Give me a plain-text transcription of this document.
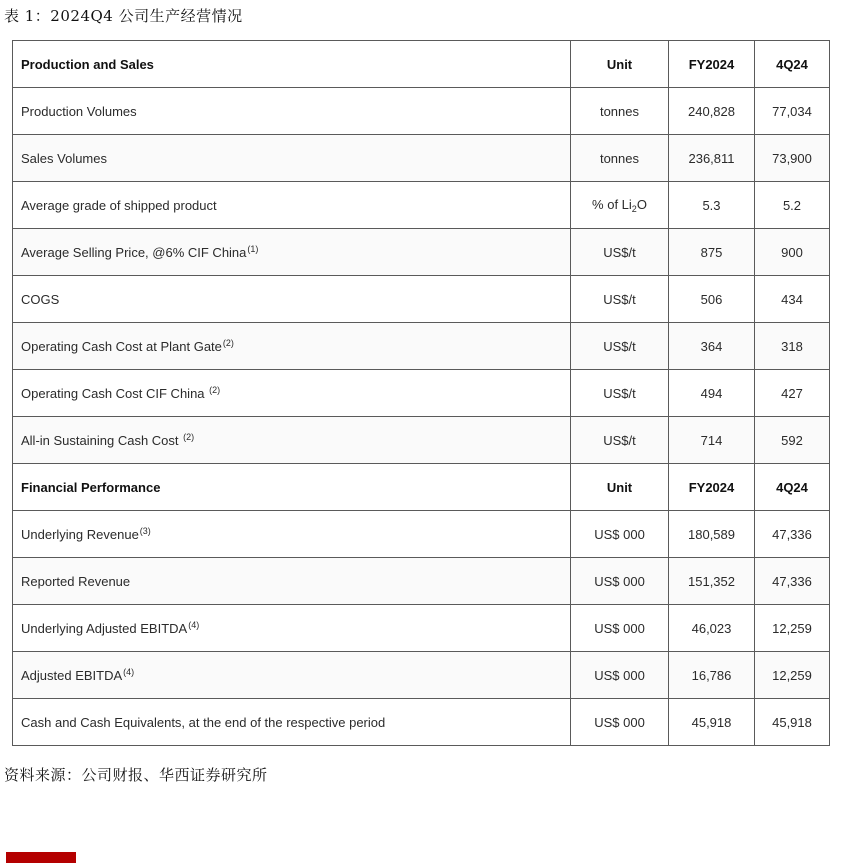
表 1：2024Q4 公司生产经营情况
Production and Sales	Unit	FY2024	4Q24
Production Volumes	tonnes	240,828	77,034
Sales Volumes	tonnes	236,811	73,900
Average grade of shipped product	% of $Li_2O$	5.3	5.2
Average Selling Price, @6% CIF China$^{(1)}$	US$/t	875	900
COGS	US$/t	506	434
Operating Cash Cost at Plant Gate$^{(2)}$	US$/t	364	318
Operating Cash Cost CIF China $^{(2)}$	US$/t	494	427
All-in Sustaining Cash Cost $^{(2)}$	US$/t	714	592
Financial Performance	Unit	FY2024	4Q24
Underlying Revenue$^{(3)}$	US$ 000	180,589	47,336
Reported Revenue	US$ 000	151,352	47,336
Underlying Adjusted EBITDA$^{(4)}$	US$ 000	46,023	12,259
Adjusted EBITDA$^{(4)}$	US$ 000	16,786	12,259
Cash and Cash Equivalents, at the end of the respective period	US$ 000	45,918	45,918
资料来源：公司财报、华西证券研究所
